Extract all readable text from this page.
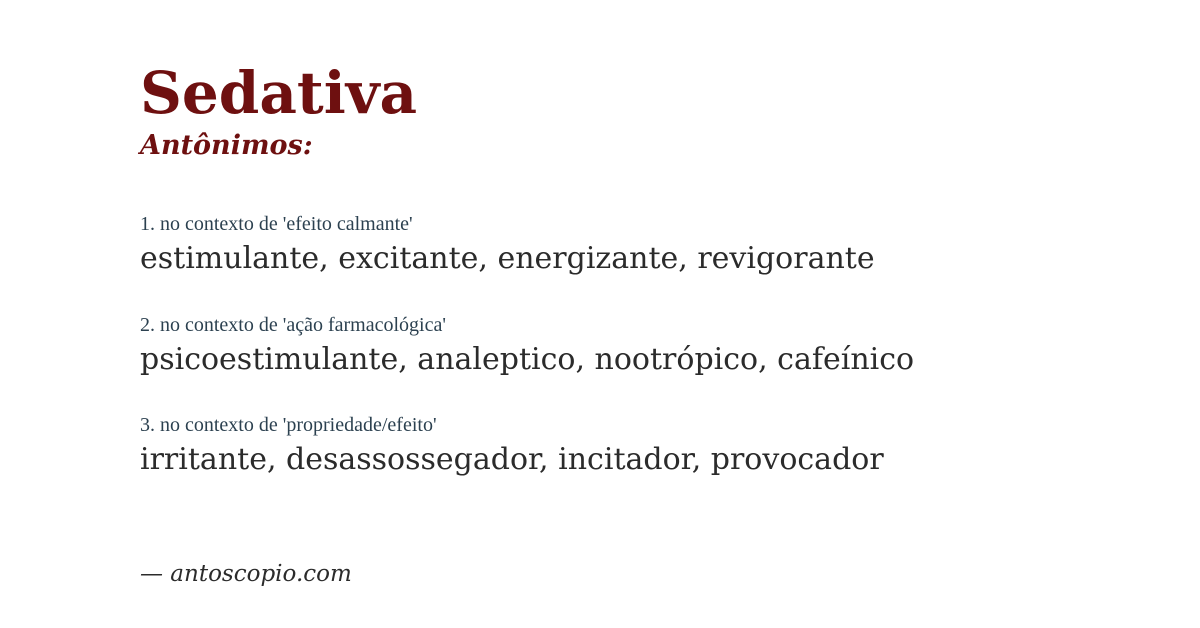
Sedativa
Antônimos:
1. no contexto de 'efeito calmante'
estimulante, excitante, energizante, revigorante
2. no contexto de 'ação farmacológica'
psicoestimulante, analeptico, nootrópico, cafeínico
3. no contexto de 'propriedade/efeito'
irritante, desassossegador, incitador, provocador
— antoscopio.com
